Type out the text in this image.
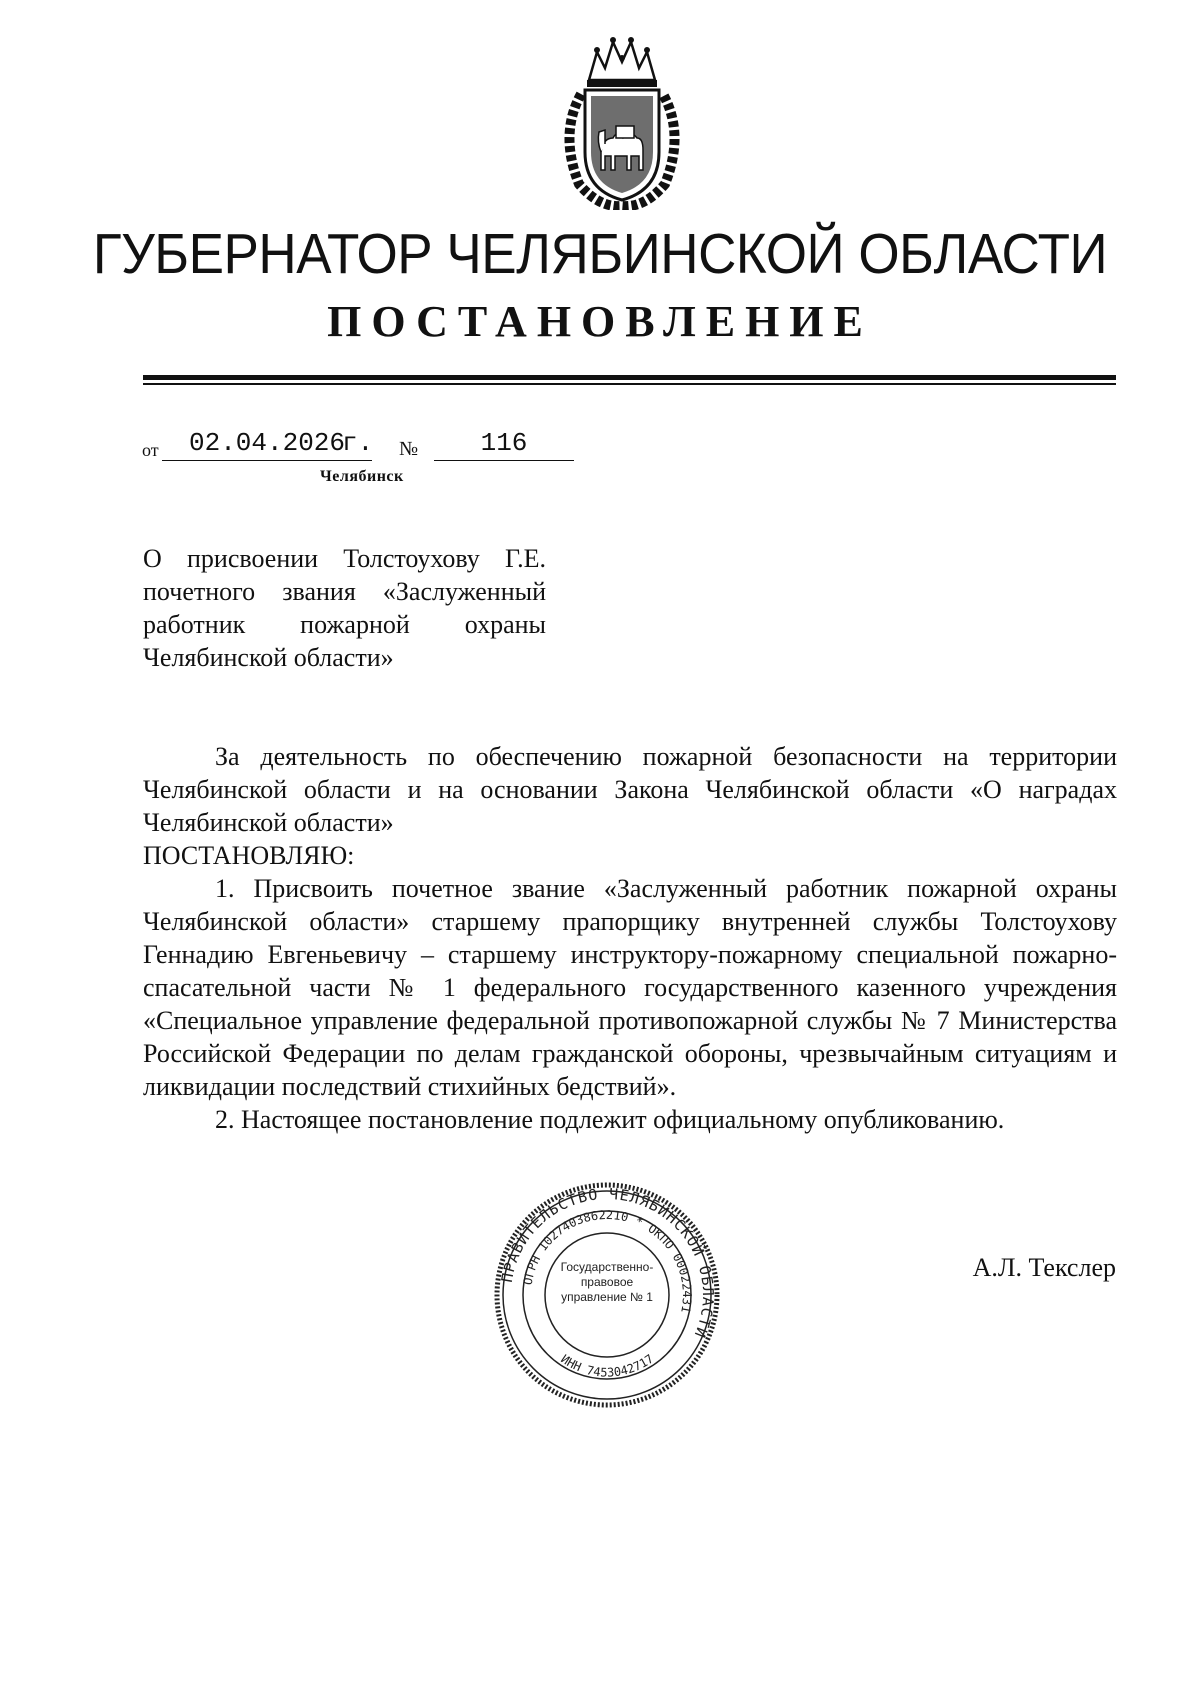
ГУБЕРНАТОР ЧЕЛЯБИНСКОЙ ОБЛАСТИ
ПОСТАНОВЛЕНИЕ
от	02.04.2026
г. №	116
Челябинск
О присвоении Толстоухову Г.Е. почетного звания «Заслуженный работник пожарной охраны Челябинской области»

За деятельность по обеспечению пожарной безопасности на территории Челябинской области и на основании Закона Челябинской области «О наградах Челябинской области»

ПОСТАНОВЛЯЮ:

1. Присвоить почетное звание «Заслуженный работник пожарной охраны Челябинской области» старшему прапорщику внутренней службы Толстоухову Геннадию Евгеньевичу – старшему инструктору-пожарному специальной пожарно-спасательной части № 1 федерального государственного казенного учреждения «Специальное управление федеральной противопожарной службы № 7 Министерства Российской Федерации по делам гражданской обороны, чрезвычайным ситуациям и ликвидации последствий стихийных бедствий».

2. Настоящее постановление подлежит официальному опубликованию.

ПРАВИТЕЛЬСТВО ЧЕЛЯБИНСКОЙ ОБЛАСТИ
ОГРН 1027403862210 * ОКПО 00022431
ИНН 7453042717
Государственно- правовое управление № 1
А.Л. Текслер
